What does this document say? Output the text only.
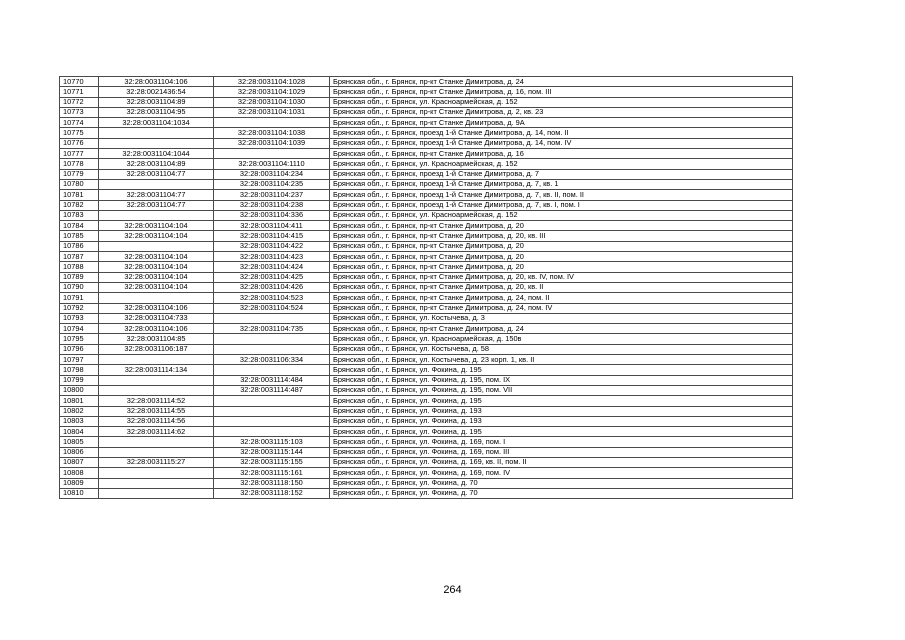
10770	32:28:0031104:106	32:28:0031104:1028	Брянская обл., г. Брянск, пр-кт Станке Димитрова, д. 24
10771	32:28:0021436:54	32:28:0031104:1029	Брянская обл., г. Брянск, пр-кт Станке Димитрова, д. 16, пом. III
10772	32:28:0031104:89	32:28:0031104:1030	Брянская обл., г. Брянск, ул. Красноармейская, д. 152
10773	32:28:0031104:95	32:28:0031104:1031	Брянская обл., г. Брянск, пр-кт Станке Димитрова, д. 2, кв. 23
10774	32:28:0031104:1034		Брянская обл., г. Брянск, пр-кт Станке Димитрова, д. 9А
10775		32:28:0031104:1038	Брянская обл., г. Брянск, проезд 1-й Станке Димитрова, д. 14, пом. II
10776		32:28:0031104:1039	Брянская обл., г. Брянск, проезд 1-й Станке Димитрова, д. 14, пом. IV
10777	32:28:0031104:1044		Брянская обл., г. Брянск, пр-кт Станке Димитрова, д. 16
10778	32:28:0031104:89	32:28:0031104:1110	Брянская обл., г. Брянск, ул. Красноармейская, д. 152
10779	32:28:0031104:77	32:28:0031104:234	Брянская обл., г. Брянск, проезд 1-й Станке Димитрова, д. 7
10780		32:28:0031104:235	Брянская обл., г. Брянск, проезд 1-й Станке Димитрова, д. 7, кв. 1
10781	32:28:0031104:77	32:28:0031104:237	Брянская обл., г. Брянск, проезд 1-й Станке Димитрова, д. 7, кв. II, пом. II
10782	32:28:0031104:77	32:28:0031104:238	Брянская обл., г. Брянск, проезд 1-й Станке Димитрова, д. 7, кв. I, пом. I
10783		32:28:0031104:336	Брянская обл., г. Брянск, ул. Красноармейская, д. 152
10784	32:28:0031104:104	32:28:0031104:411	Брянская обл., г. Брянск, пр-кт Станке Димитрова, д. 20
10785	32:28:0031104:104	32:28:0031104:415	Брянская обл., г. Брянск, пр-кт Станке Димитрова, д. 20, кв. III
10786		32:28:0031104:422	Брянская обл., г. Брянск, пр-кт Станке Димитрова, д. 20
10787	32:28:0031104:104	32:28:0031104:423	Брянская обл., г. Брянск, пр-кт Станке Димитрова, д. 20
10788	32:28:0031104:104	32:28:0031104:424	Брянская обл., г. Брянск, пр-кт Станке Димитрова, д. 20
10789	32:28:0031104:104	32:28:0031104:425	Брянская обл., г. Брянск, пр-кт Станке Димитрова, д. 20, кв. IV, пом. IV
10790	32:28:0031104:104	32:28:0031104:426	Брянская обл., г. Брянск, пр-кт Станке Димитрова, д. 20, кв. II
10791		32:28:0031104:523	Брянская обл., г. Брянск, пр-кт Станке Димитрова, д. 24, пом. II
10792	32:28:0031104:106	32:28:0031104:524	Брянская обл., г. Брянск, пр-кт Станке Димитрова, д. 24, пом. IV
10793	32:28:0031104:733		Брянская обл., г. Брянск, ул. Костычева, д. 3
10794	32:28:0031104:106	32:28:0031104:735	Брянская обл., г. Брянск, пр-кт Станке Димитрова, д. 24
10795	32:28:0031104:85		Брянская обл., г. Брянск, ул. Красноармейская, д. 150в
10796	32:28:0031106:187		Брянская обл., г. Брянск, ул. Костычева, д. 58
10797		32:28:0031106:334	Брянская обл., г. Брянск, ул. Костычева, д. 23 корп. 1, кв. II
10798	32:28:0031114:134		Брянская обл., г. Брянск, ул. Фокина, д. 195
10799		32:28:0031114:484	Брянская обл., г. Брянск, ул. Фокина, д. 195, пом. IX
10800		32:28:0031114:487	Брянская обл., г. Брянск, ул. Фокина, д. 195, пом. VII
10801	32:28:0031114:52		Брянская обл., г. Брянск, ул. Фокина, д. 195
10802	32:28:0031114:55		Брянская обл., г. Брянск, ул. Фокина, д. 193
10803	32:28:0031114:56		Брянская обл., г. Брянск, ул. Фокина, д. 193
10804	32:28:0031114:62		Брянская обл., г. Брянск, ул. Фокина, д. 195
10805		32:28:0031115:103	Брянская обл., г. Брянск, ул. Фокина, д. 169, пом. I
10806		32:28:0031115:144	Брянская обл., г. Брянск, ул. Фокина, д. 169, пом. III
10807	32:28:0031115:27	32:28:0031115:155	Брянская обл., г. Брянск, ул. Фокина, д. 169, кв. II, пом. II
10808		32:28:0031115:161	Брянская обл., г. Брянск, ул. Фокина, д. 169, пом. IV
10809		32:28:0031118:150	Брянская обл., г. Брянск, ул. Фокина, д. 70
10810		32:28:0031118:152	Брянская обл., г. Брянск, ул. Фокина, д. 70
264
